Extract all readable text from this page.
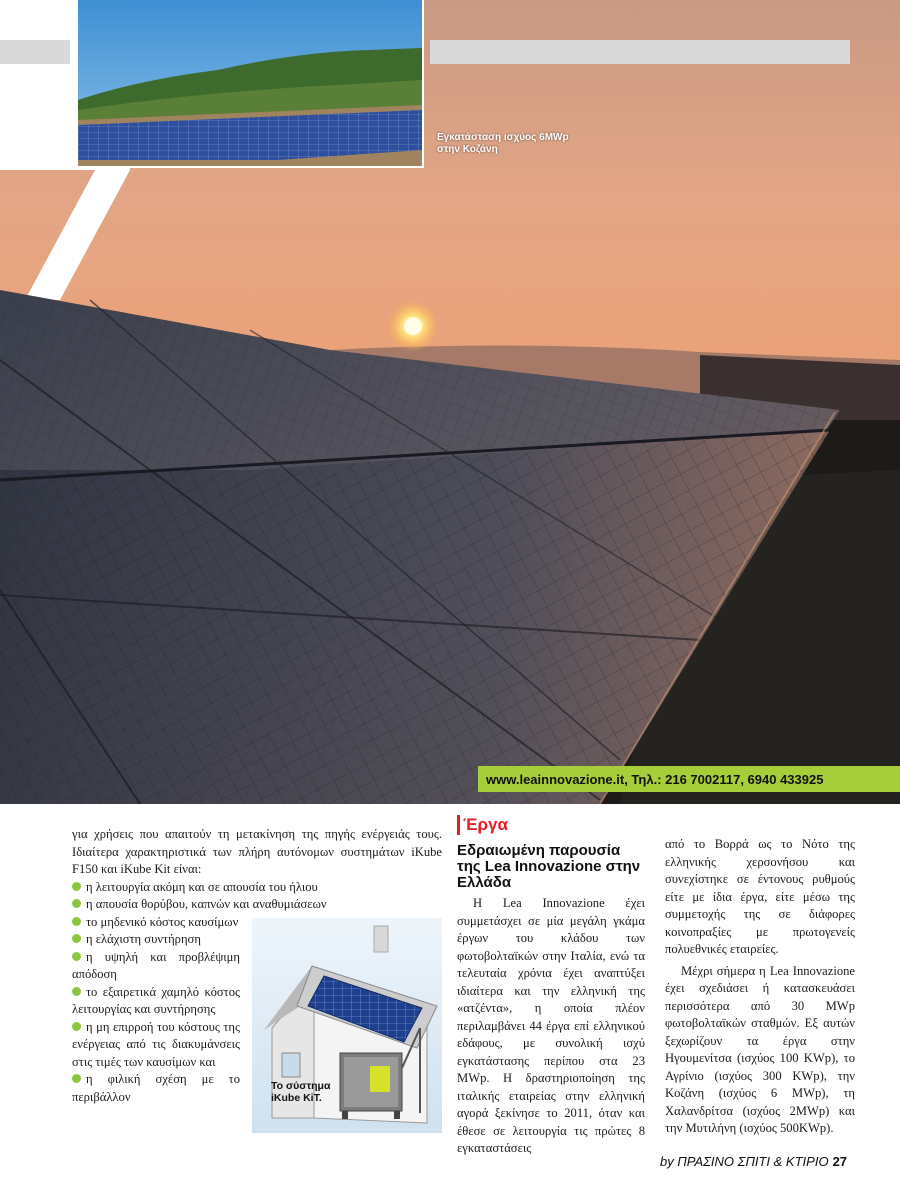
Εγκατάσταση ισχύος 6MWp στην Κοζάνη
www.leainnovazione.it, Τηλ.: 216 7002117, 6940 433925

για χρήσεις που απαιτούν τη μετακίνηση της πηγής ενέργειάς τους. Ιδιαίτερα χαρακτηριστικά των πλήρη αυτόνομων συστημάτων iKube F150 και iKube Kit είναι:

η λειτουργία ακόμη και σε απουσία του ήλιου
η απουσία θορύβου, καπνών και αναθυμιάσεων
το μηδενικό κόστος καυσίμων
η ελάχιστη συντήρηση
η υψηλή και προβλέψιμη απόδοση
το εξαιρετικά χαμηλό κόστος λειτουργίας και συντήρησης
η μη επιρροή του κόστους της ενέργειας από τις διακυμάνσεις στις τιμές των καυσίμων και
η φιλική σχέση με το περιβάλλον
Το σύστημα iKube KiT.
Έργα
Εδραιωμένη παρουσία της Lea Innovazione στην Ελλάδα

Η Lea Innovazione έχει συμμετάσχει σε μία μεγάλη γκάμα έργων του κλάδου των φωτοβολταϊκών στην Ιταλία, ενώ τα τελευταία χρόνια έχει αναπτύξει ιδιαίτερα και την ελληνική της «ατζέντα», η οποία πλέον περιλαμβάνει 44 έργα επί ελληνικού εδάφους, με συνολική ισχύ εγκατάστασης περίπου στα 23 MWp. Η δραστηριοποίηση της ιταλικής εταιρείας στην ελληνική αγορά ξεκίνησε το 2011, όταν και έθεσε σε λειτουργία τις πρώτες 8 εγκαταστάσεις

από το Βορρά ως το Νότο της ελληνικής χερσονήσου και συνεχίστηκε σε έντονους ρυθμούς είτε με ίδια έργα, είτε μέσω της συμμετοχής της σε διάφορες κοινοπραξίες με πρωτογενείς πολυεθνικές εταιρείες.

Μέχρι σήμερα η Lea Innovazione έχει σχεδιάσει ή κατασκευάσει περισσότερα από 30 MWp φωτοβολταϊκών σταθμών. Εξ αυτών ξεχωρίζουν τα έργα στην Ηγουμενίτσα (ισχύος 100 KWp), το Αγρίνιο (ισχύος 300 KWp), την Κοζάνη (ισχύος 6 MWp), τη Χαλανδρίτσα (ισχύος 2MWp) και την Μυτιλήνη (ισχύος 500KWp).

by ΠΡΑΣΙΝΟ ΣΠΙΤΙ & ΚΤΙΡΙΟ 27
